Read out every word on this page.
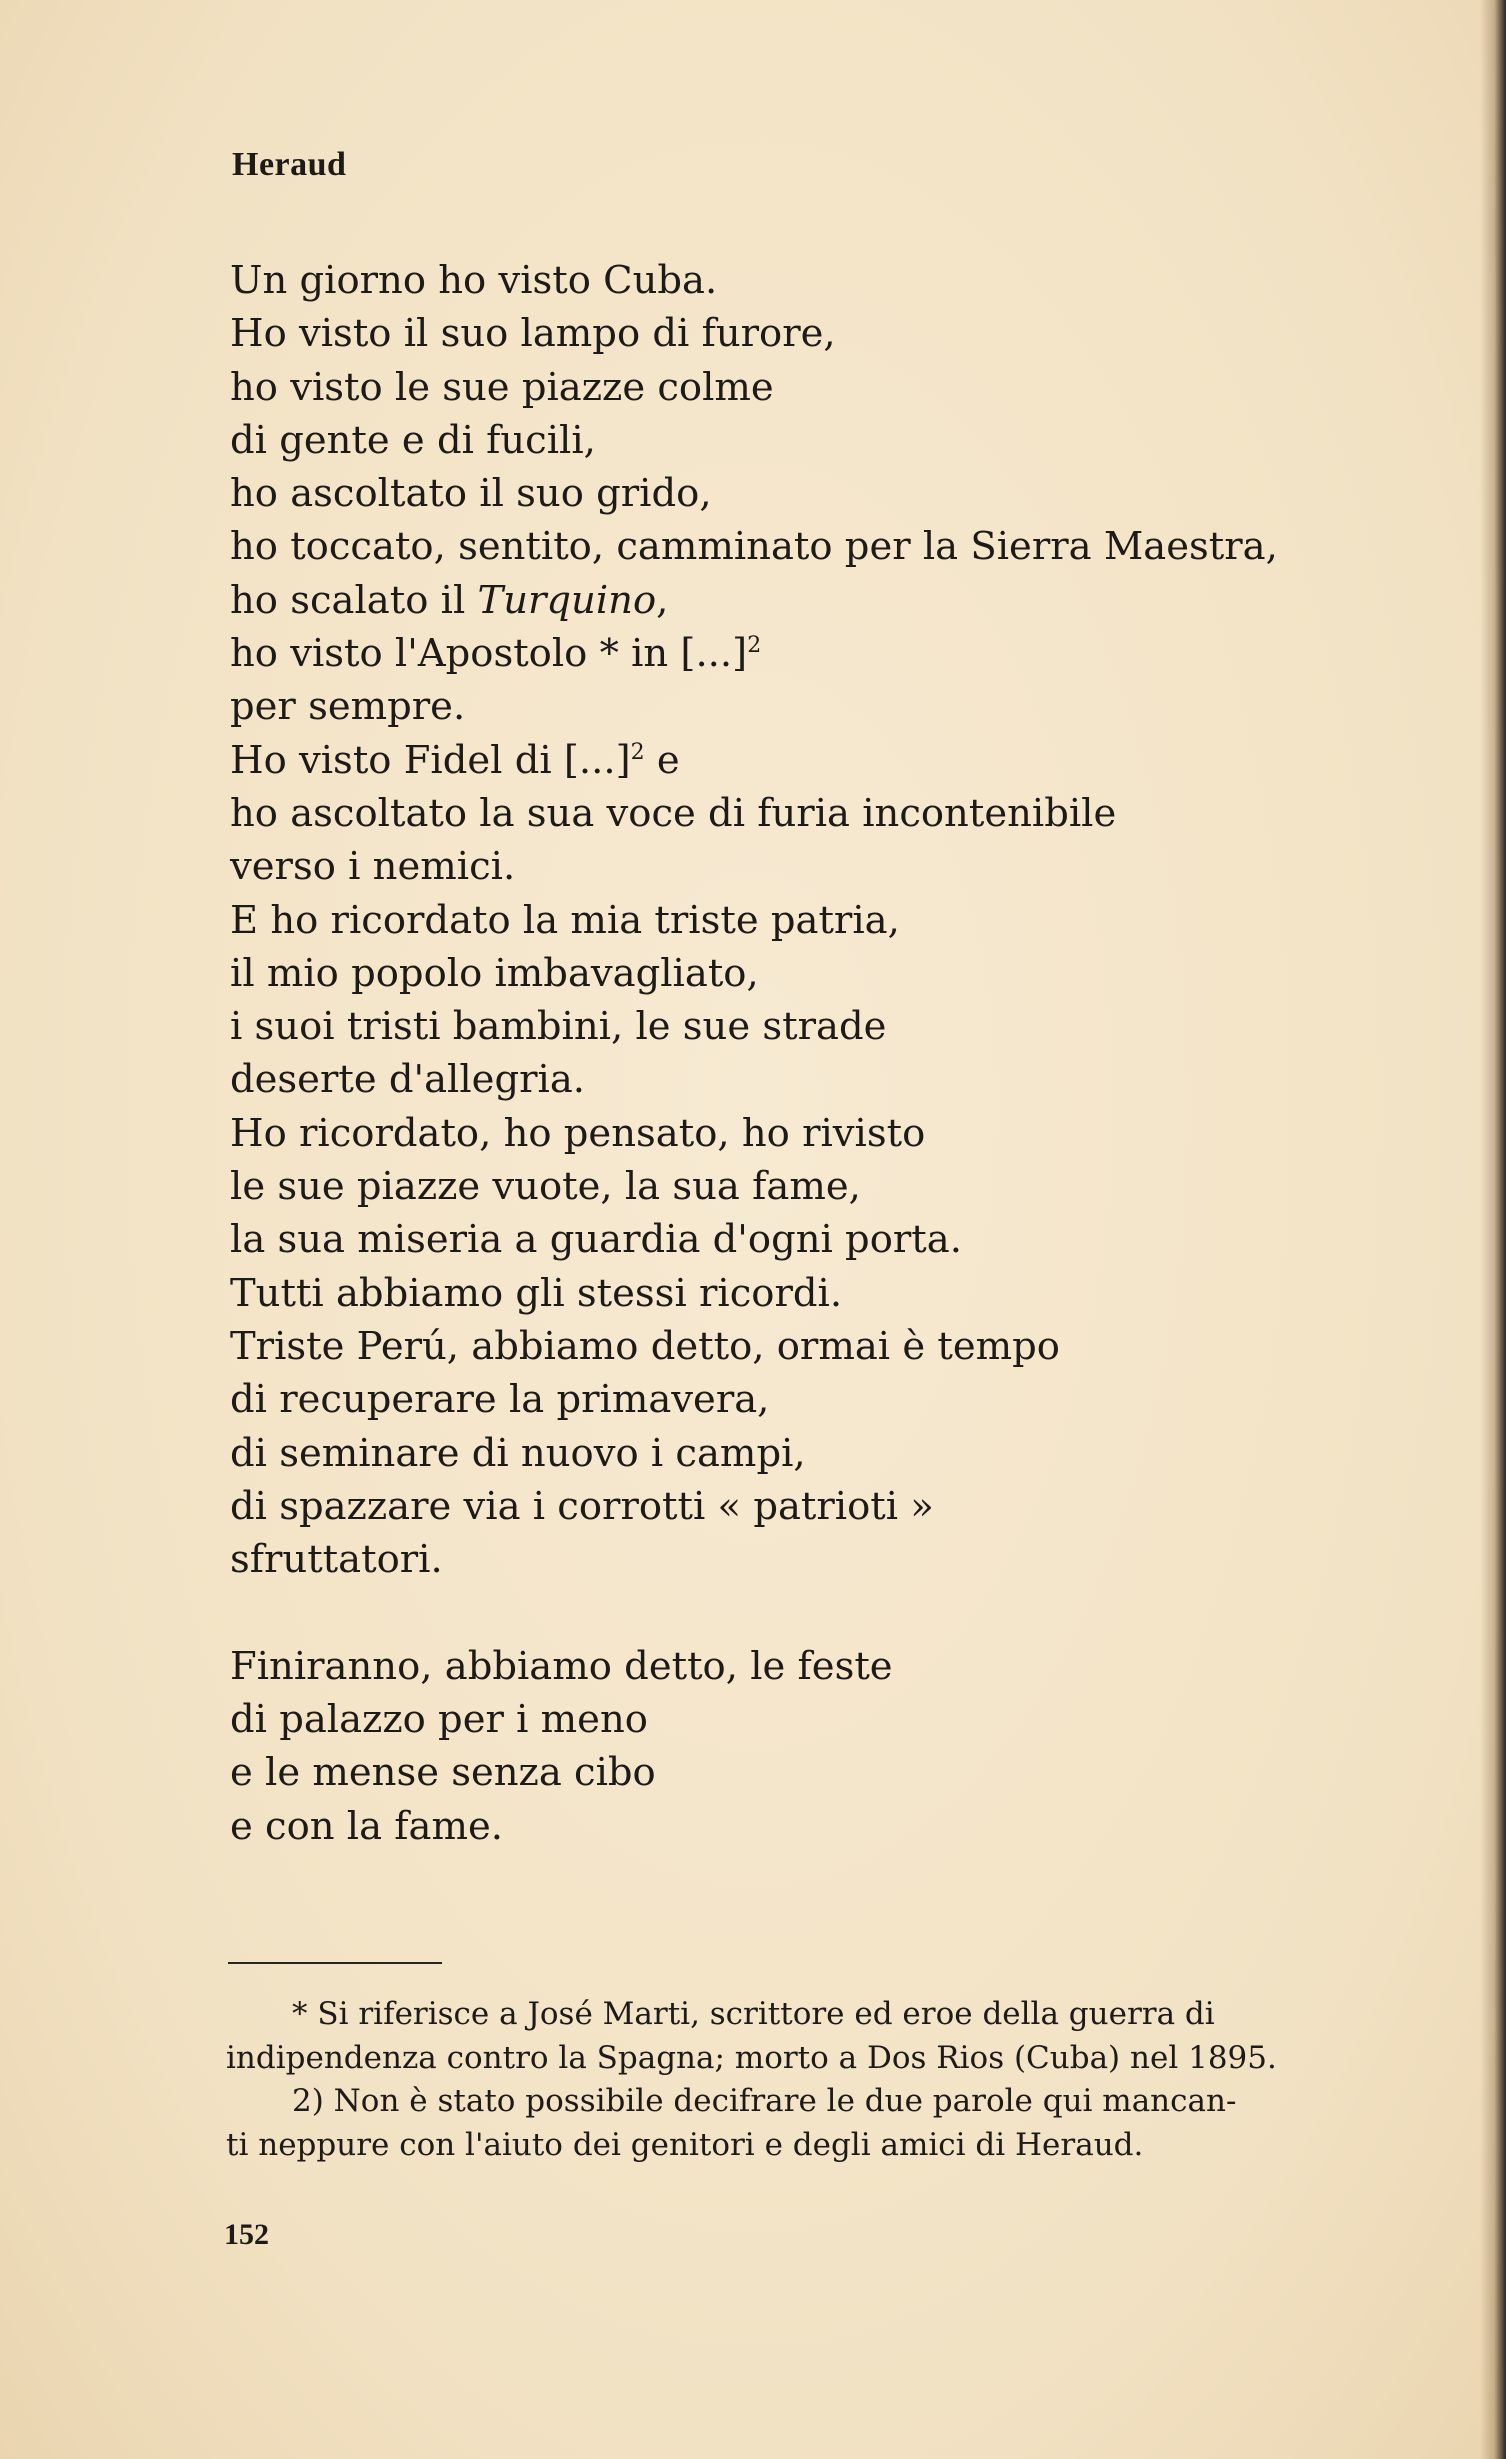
Heraud
Un giorno ho visto Cuba.
Ho visto il suo lampo di furore,
ho visto le sue piazze colme
di gente e di fucili,
ho ascoltato il suo grido,
ho toccato, sentito, camminato per la Sierra Maestra,
ho scalato il Turquino,
ho visto l'Apostolo * in [...]$^2$
per sempre.
Ho visto Fidel di [...]$^2$ e
ho ascoltato la sua voce di furia incontenibile
verso i nemici.
E ho ricordato la mia triste patria,
il mio popolo imbavagliato,
i suoi tristi bambini, le sue strade
deserte d'allegria.
Ho ricordato, ho pensato, ho rivisto
le sue piazze vuote, la sua fame,
la sua miseria a guardia d'ogni porta.
Tutti abbiamo gli stessi ricordi.
Triste Perú, abbiamo detto, ormai è tempo
di recuperare la primavera,
di seminare di nuovo i campi,
di spazzare via i corrotti « patrioti »
sfruttatori.
Finiranno, abbiamo detto, le feste
di palazzo per i meno
e le mense senza cibo
e con la fame.
* Si riferisce a José Marti, scrittore ed eroe della guerra di
indipendenza contro la Spagna; morto a Dos Rios (Cuba) nel 1895.
2) Non è stato possibile decifrare le due parole qui mancan-
ti neppure con l'aiuto dei genitori e degli amici di Heraud.
152
